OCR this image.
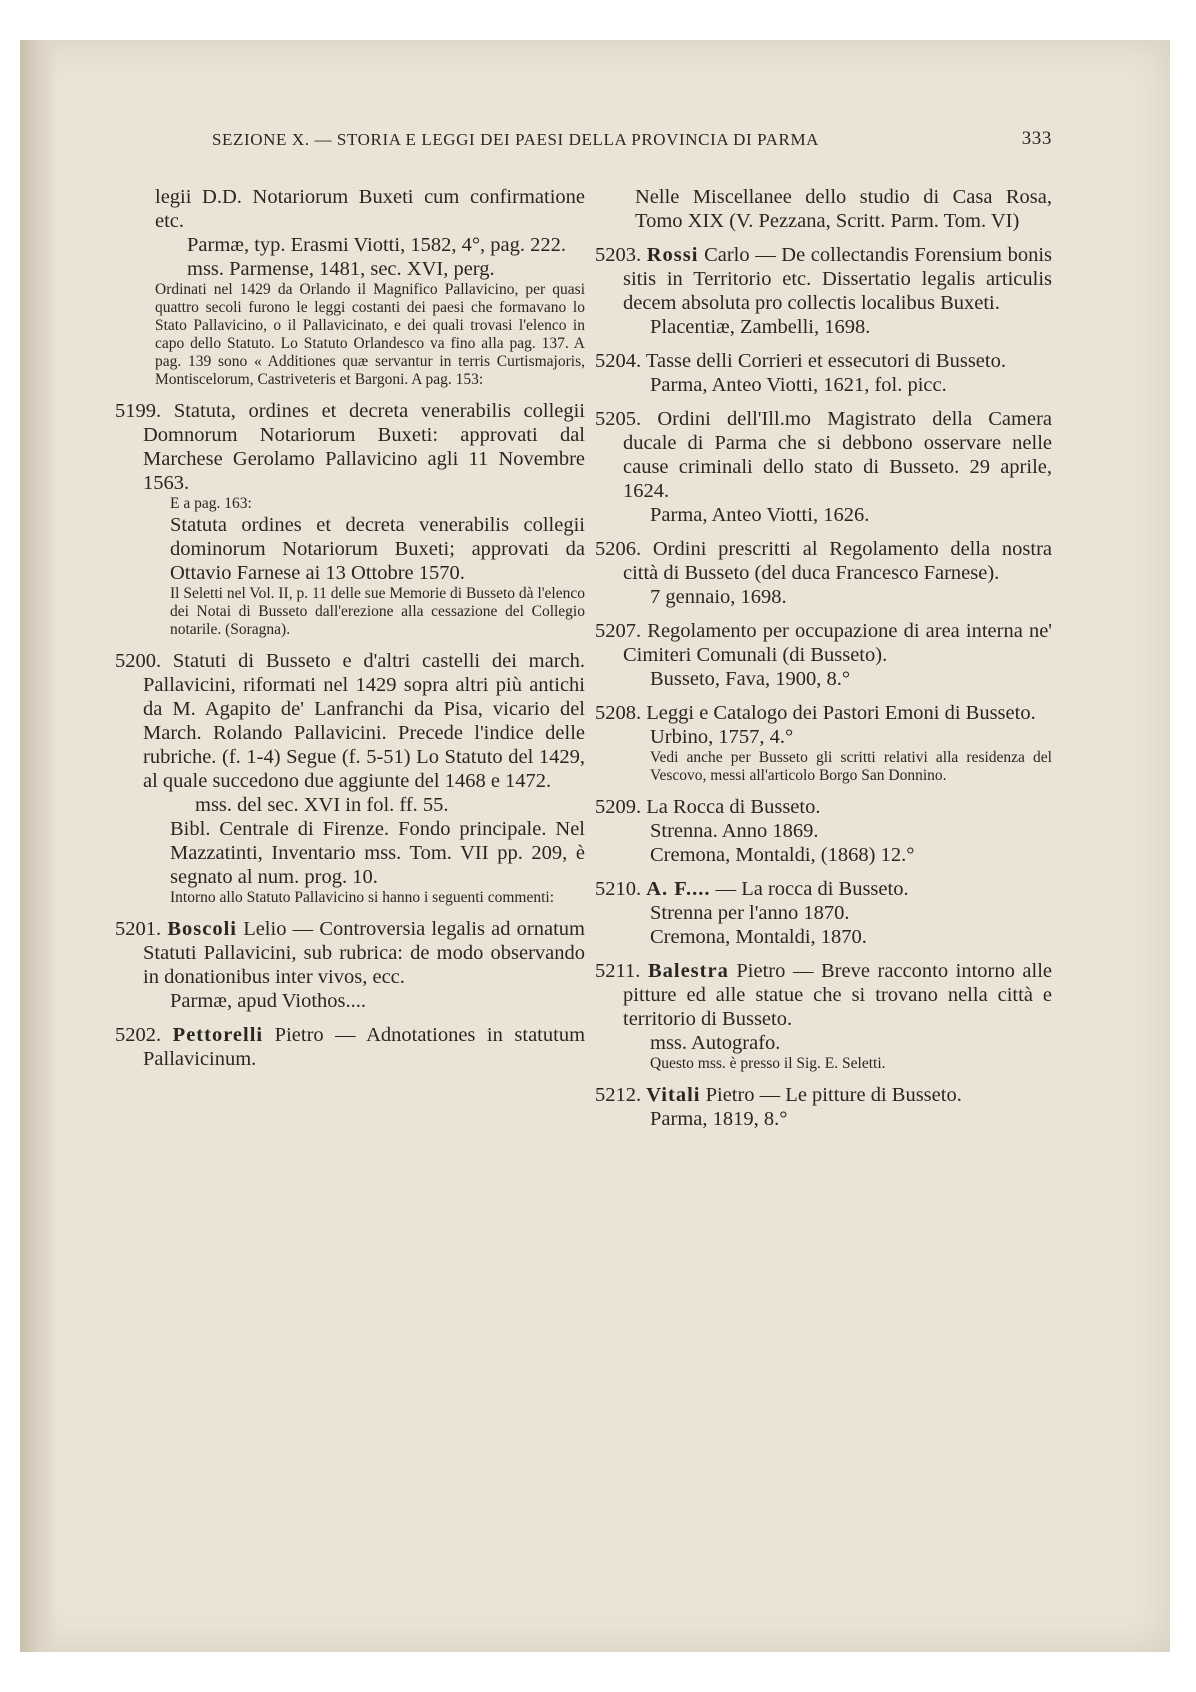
SEZIONE X. — STORIA E LEGGI DEI PAESI DELLA PROVINCIA DI PARMA	333

legii D.D. Notariorum Buxeti cum confirmatione etc.

Parmæ, typ. Erasmi Viotti, 1582, 4°, pag. 222.

mss. Parmense, 1481, sec. XVI, perg.

Ordinati nel 1429 da Orlando il Magnifico Pallavicino, per quasi quattro secoli furono le leggi costanti dei paesi che formavano lo Stato Pallavicino, o il Pallavicinato, e dei quali trovasi l'elenco in capo dello Statuto. Lo Statuto Orlandesco va fino alla pag. 137. A pag. 139 sono « Additiones quæ servantur in terris Curtismajoris, Montiscelorum, Castriveteris et Bargoni. A pag. 153:

5199. Statuta, ordines et decreta venerabilis collegii Domnorum Notariorum Buxeti: approvati dal Marchese Gerolamo Pallavicino agli 11 Novembre 1563.

E a pag. 163:

Statuta ordines et decreta venerabilis collegii dominorum Notariorum Buxeti; approvati da Ottavio Farnese ai 13 Ottobre 1570.

Il Seletti nel Vol. II, p. 11 delle sue Memorie di Busseto dà l'elenco dei Notai di Busseto dall'erezione alla cessazione del Collegio notarile. (Soragna).

5200. Statuti di Busseto e d'altri castelli dei march. Pallavicini, riformati nel 1429 sopra altri più antichi da M. Agapito de' Lanfranchi da Pisa, vicario del March. Rolando Pallavicini. Precede l'indice delle rubriche. (f. 1-4) Segue (f. 5-51) Lo Statuto del 1429, al quale succedono due aggiunte del 1468 e 1472.

mss. del sec. XVI in fol. ff. 55.

Bibl. Centrale di Firenze. Fondo principale. Nel Mazzatinti, Inventario mss. Tom. VII pp. 209, è segnato al num. prog. 10.

Intorno allo Statuto Pallavicino si hanno i seguenti commenti:

5201. Boscoli Lelio — Controversia legalis ad ornatum Statuti Pallavicini, sub rubrica: de modo observando in donationibus inter vivos, ecc.

Parmæ, apud Viothos....

5202. Pettorelli Pietro — Adnotationes in statutum Pallavicinum.

Nelle Miscellanee dello studio di Casa Rosa, Tomo XIX (V. Pezzana, Scritt. Parm. Tom. VI)

5203. Rossi Carlo — De collectandis Forensium bonis sitis in Territorio etc. Dissertatio legalis articulis decem absoluta pro collectis localibus Buxeti.

Placentiæ, Zambelli, 1698.

5204. Tasse delli Corrieri et essecutori di Busseto.

Parma, Anteo Viotti, 1621, fol. picc.

5205. Ordini dell'Ill.mo Magistrato della Camera ducale di Parma che si debbono osservare nelle cause criminali dello stato di Busseto. 29 aprile, 1624.

Parma, Anteo Viotti, 1626.

5206. Ordini prescritti al Regolamento della nostra città di Busseto (del duca Francesco Farnese).

7 gennaio, 1698.

5207. Regolamento per occupazione di area interna ne' Cimiteri Comunali (di Busseto).

Busseto, Fava, 1900, 8.°

5208. Leggi e Catalogo dei Pastori Emoni di Busseto.

Urbino, 1757, 4.°

Vedi anche per Busseto gli scritti relativi alla residenza del Vescovo, messi all'articolo Borgo San Donnino.

5209. La Rocca di Busseto.

Strenna. Anno 1869.

Cremona, Montaldi, (1868) 12.°

5210. A. F.... — La rocca di Busseto.

Strenna per l'anno 1870.

Cremona, Montaldi, 1870.

5211. Balestra Pietro — Breve racconto intorno alle pitture ed alle statue che si trovano nella città e territorio di Busseto.

mss. Autografo.

Questo mss. è presso il Sig. E. Seletti.

5212. Vitali Pietro — Le pitture di Busseto.

Parma, 1819, 8.°
